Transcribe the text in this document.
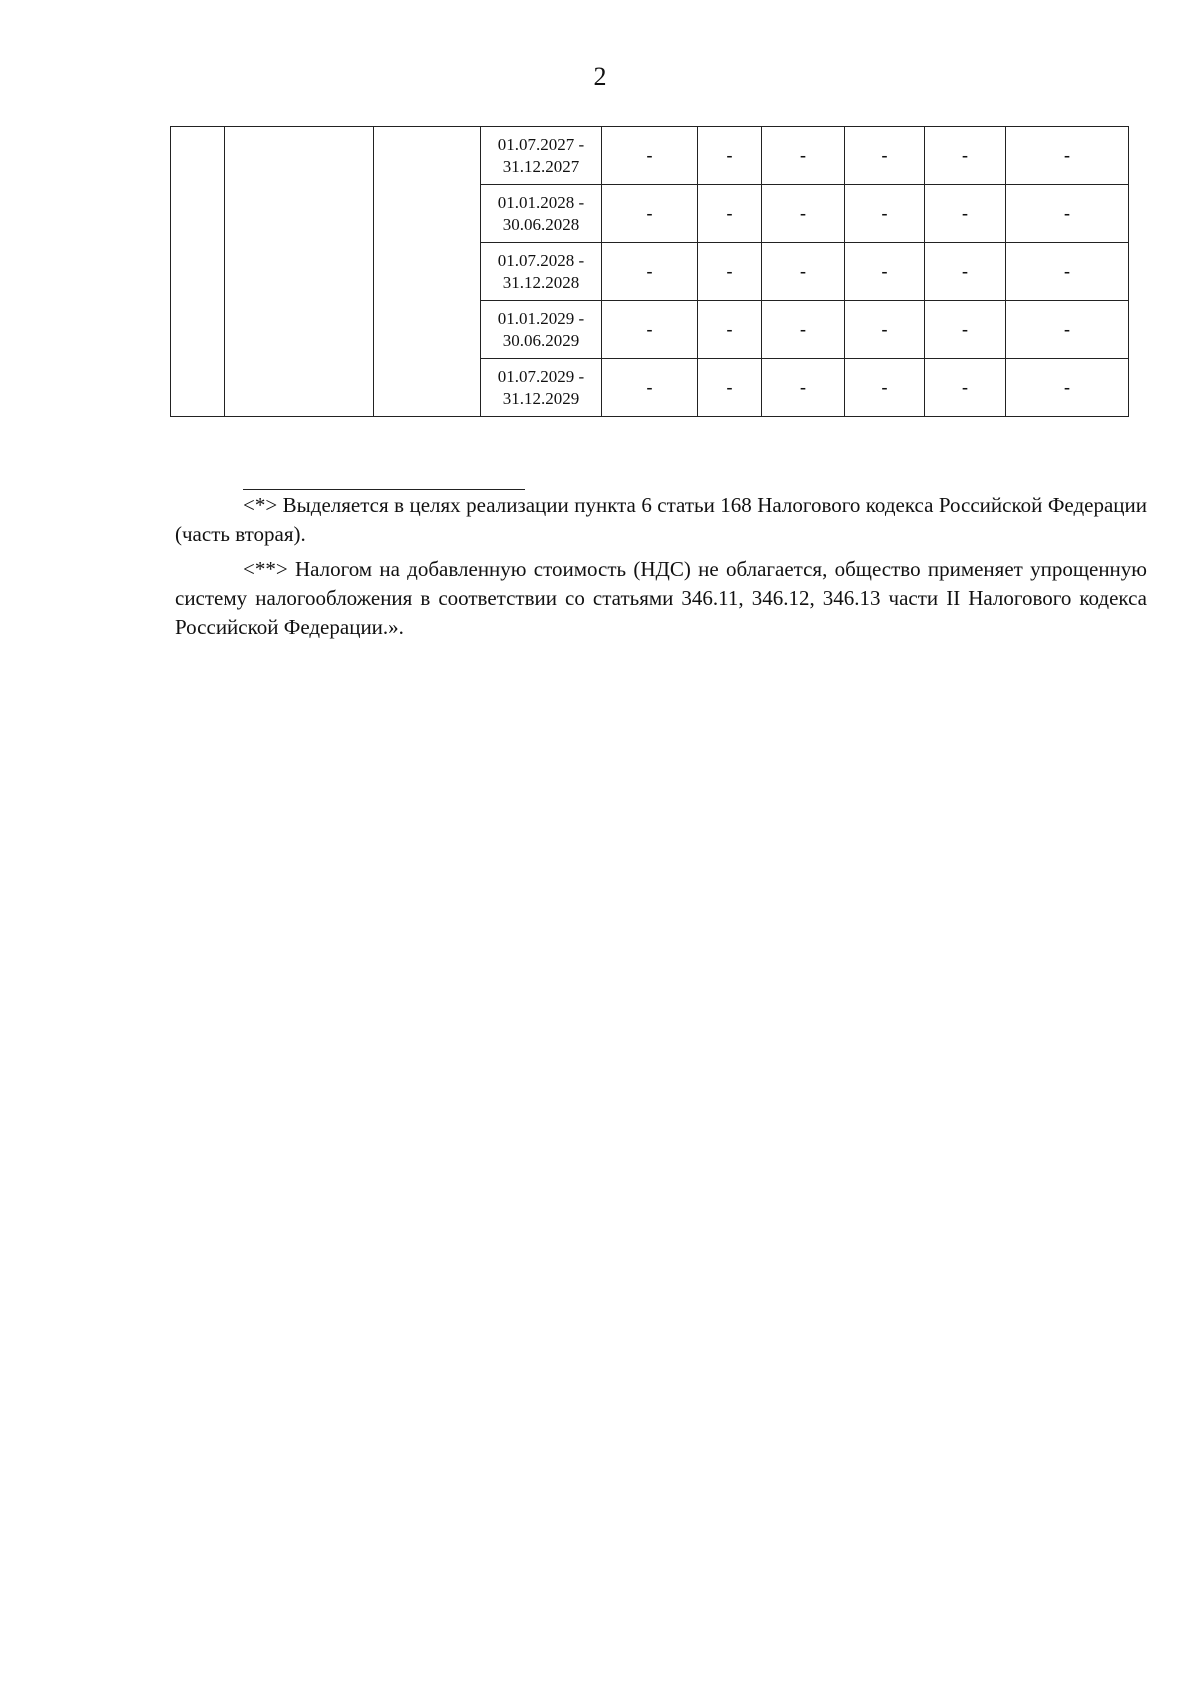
2

			01.07.2027 -
31.12.2027	-	-	-	-	-	-

			01.01.2028 -
30.06.2028	-	-	-	-	-	-

			01.07.2028 -
31.12.2028	-	-	-	-	-	-

			01.01.2029 -
30.06.2029	-	-	-	-	-	-

			01.07.2029 -
31.12.2029	-	-	-	-	-	-

<*> Выделяется в целях реализации пункта 6 статьи 168 Налогового кодекса Российской Федерации (часть вторая).

<**> Налогом на добавленную стоимость (НДС) не облагается, общество применяет упрощенную систему налогообложения в соответствии со статьями 346.11, 346.12, 346.13 части II Налогового кодекса Российской Федерации.».
